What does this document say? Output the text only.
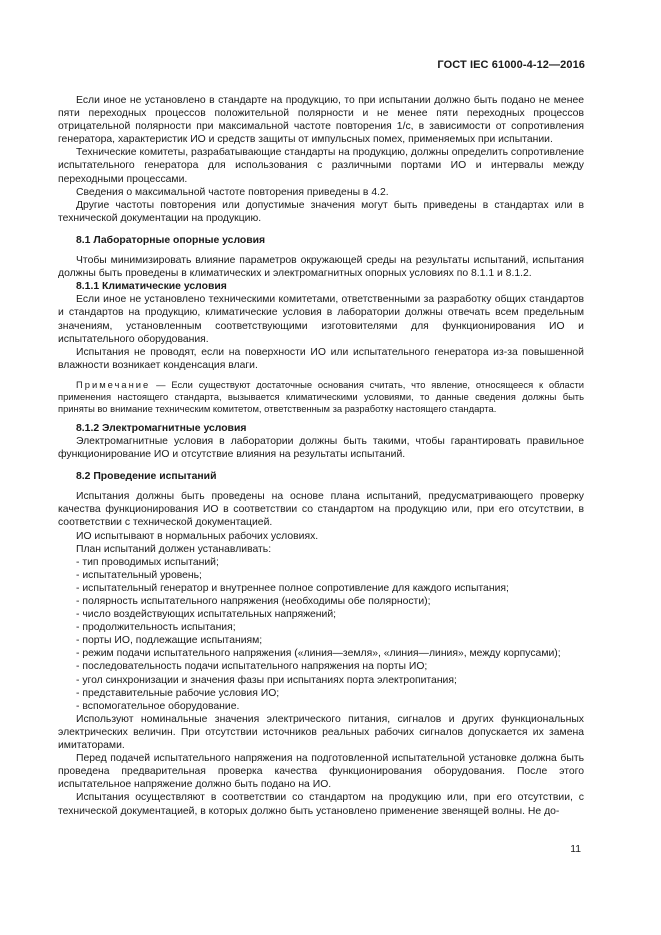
ГОСТ IEC 61000-4-12—2016

Если иное не установлено в стандарте на продукцию, то при испытании должно быть подано не менее пяти переходных процессов положительной полярности и не менее пяти переходных процессов отрицательной полярности при максимальной частоте повторения 1/с, в зависимости от сопротивления генератора, характеристик ИО и средств защиты от импульсных помех, применяемых при испытании.

Технические комитеты, разрабатывающие стандарты на продукцию, должны определить сопротивление испытательного генератора для использования с различными портами ИО и интервалы между переходными процессами.

Сведения о максимальной частоте повторения приведены в 4.2.

Другие частоты повторения или допустимые значения могут быть приведены в стандартах или в технической документации на продукцию.

8.1 Лабораторные опорные условия

Чтобы минимизировать влияние параметров окружающей среды на результаты испытаний, испытания должны быть проведены в климатических и электромагнитных опорных условиях по 8.1.1 и 8.1.2.

8.1.1 Климатические условия

Если иное не установлено техническими комитетами, ответственными за разработку общих стандартов и стандартов на продукцию, климатические условия в лаборатории должны отвечать всем предельным значениям, установленным соответствующими изготовителями для функционирования ИО и испытательного оборудования.

Испытания не проводят, если на поверхности ИО или испытательного генератора из-за повышенной влажности возникает конденсация влаги.

Примечание — Если существуют достаточные основания считать, что явление, относящееся к области применения настоящего стандарта, вызывается климатическими условиями, то данные сведения должны быть приняты во внимание техническим комитетом, ответственным за разработку настоящего стандарта.

8.1.2 Электромагнитные условия

Электромагнитные условия в лаборатории должны быть такими, чтобы гарантировать правильное функционирование ИО и отсутствие влияния на результаты испытаний.

8.2 Проведение испытаний

Испытания должны быть проведены на основе плана испытаний, предусматривающего проверку качества функционирования ИО в соответствии со стандартом на продукцию или, при его отсутствии, в соответствии с технической документацией.

ИО испытывают в нормальных рабочих условиях.

План испытаний должен устанавливать:

- тип проводимых испытаний;

- испытательный уровень;

- испытательный генератор и внутреннее полное сопротивление для каждого испытания;

- полярность испытательного напряжения (необходимы обе полярности);

- число воздействующих испытательных напряжений;

- продолжительность испытания;

- порты ИО, подлежащие испытаниям;

- режим подачи испытательного напряжения («линия—земля», «линия—линия», между корпусами);

- последовательность подачи испытательного напряжения на порты ИО;

- угол синхронизации и значения фазы при испытаниях порта электропитания;

- представительные рабочие условия ИО;

- вспомогательное оборудование.

Используют номинальные значения электрического питания, сигналов и других функциональных электрических величин. При отсутствии источников реальных рабочих сигналов допускается их замена имитаторами.

Перед подачей испытательного напряжения на подготовленной испытательной установке должна быть проведена предварительная проверка качества функционирования оборудования. После этого испытательное напряжение должно быть подано на ИО.

Испытания осуществляют в соответствии со стандартом на продукцию или, при его отсутствии, с технической документацией, в которых должно быть установлено применение звенящей волны. Не до-

11
